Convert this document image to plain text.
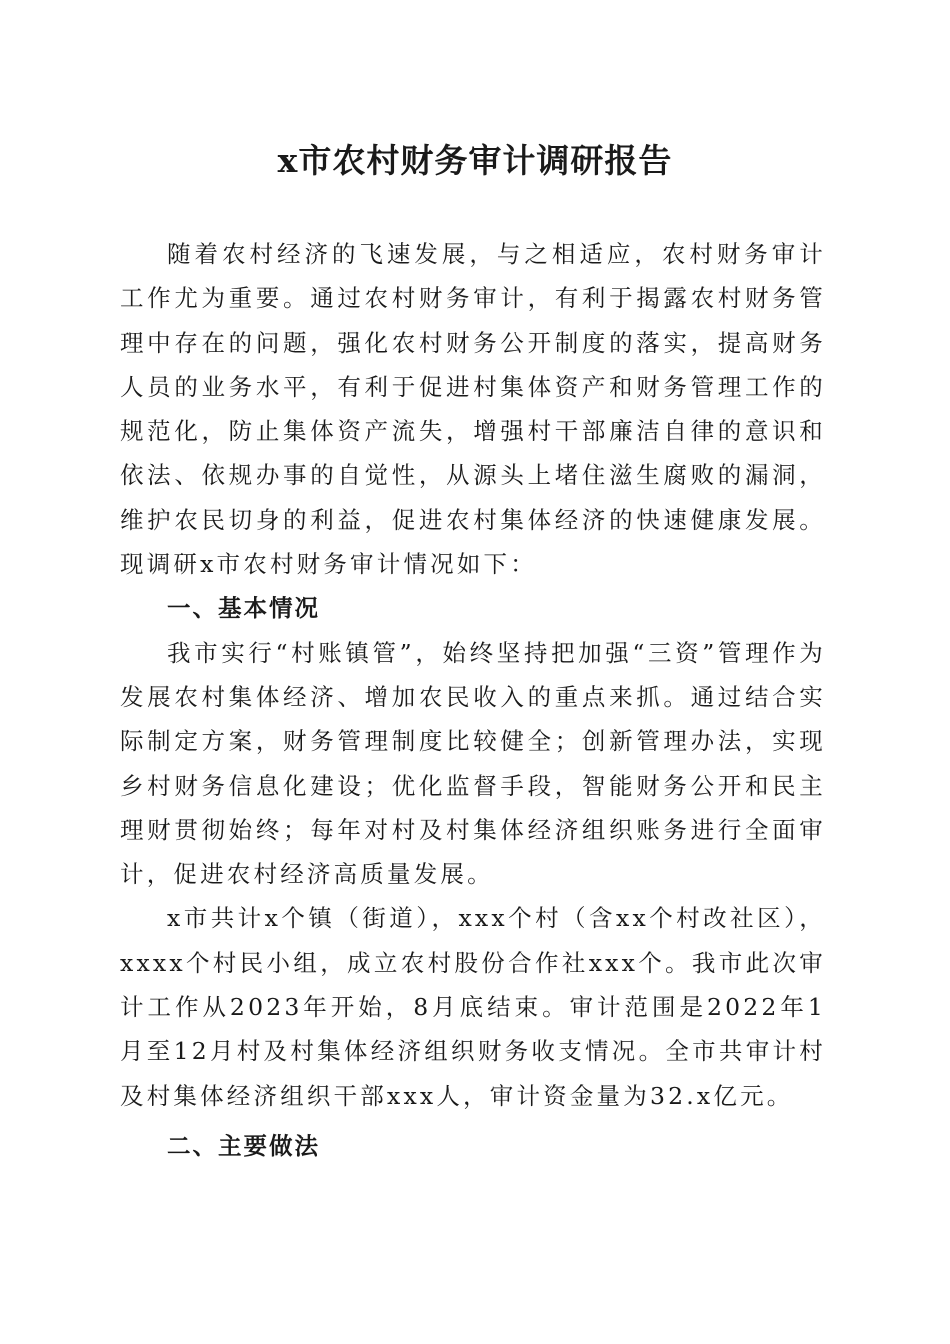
x市农村财务审计调研报告

随着农村经济的飞速发展，与之相适应，农村财务审计工作尤为重要。通过农村财务审计，有利于揭露农村财务管理中存在的问题，强化农村财务公开制度的落实，提高财务人员的业务水平，有利于促进村集体资产和财务管理工作的规范化，防止集体资产流失，增强村干部廉洁自律的意识和依法、依规办事的自觉性，从源头上堵住滋生腐败的漏洞，维护农民切身的利益，促进农村集体经济的快速健康发展。现调研x市农村财务审计情况如下：

一、基本情况

我市实行“村账镇管”，始终坚持把加强“三资”管理作为发展农村集体经济、增加农民收入的重点来抓。通过结合实际制定方案，财务管理制度比较健全；创新管理办法，实现乡村财务信息化建设；优化监督手段，智能财务公开和民主理财贯彻始终；每年对村及村集体经济组织账务进行全面审计，促进农村经济高质量发展。

x市共计x个镇（街道），xxx个村（含xx个村改社区），xxxx个村民小组，成立农村股份合作社xxx个。我市此次审计工作从2023年开始，8月底结束。审计范围是2022年1月至12月村及村集体经济组织财务收支情况。全市共审计村及村集体经济组织干部xxx人，审计资金量为32.x亿元。

二、主要做法
